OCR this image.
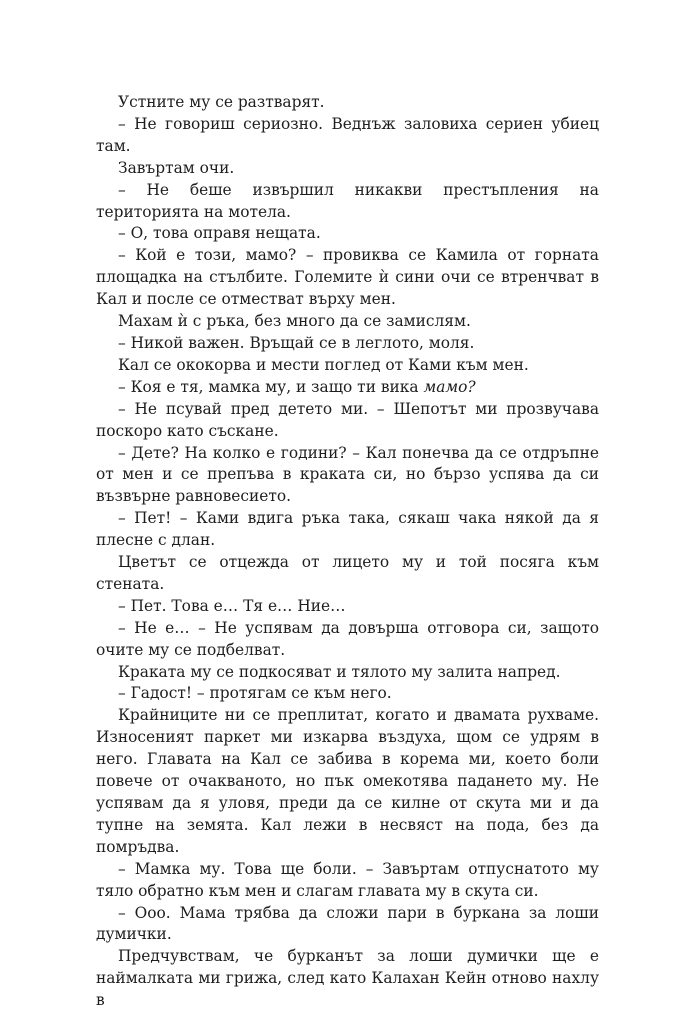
Устните му се разтварят.

– Не говориш сериозно. Веднъж заловиха сериен убиец там.

Завъртам очи.

– Не беше извършил никакви престъпления на територията на мотела.

– О, това оправя нещата.

– Кой е този, мамо? – провиква се Камила от горната площадка на стълбите. Големите ѝ сини очи се втренчват в Кал и после се отместват върху мен.

Махам ѝ с ръка, без много да се замислям.

– Никой важен. Връщай се в леглото, моля.

Кал се ококорва и мести поглед от Ками към мен.

– Коя е тя, мамка му, и защо ти вика мамо?

– Не псувай пред детето ми. – Шепотът ми прозвучава поскоро като съскане.

– Дете? На колко е години? – Кал понечва да се отдръпне от мен и се препъва в краката си, но бързо успява да си възвърне равновесието.

– Пет! – Ками вдига ръка така, сякаш чака някой да я плесне с длан.

Цветът се отцежда от лицето му и той посяга към стената.

– Пет. Това е… Тя е… Ние…

– Не е… – Не успявам да довърша отговора си, защото очите му се подбелват.

Краката му се подкосяват и тялото му залита напред.

– Гадост! – протягам се към него.

Крайниците ни се преплитат, когато и двамата рухваме. Износеният паркет ми изкарва въздуха, щом се удрям в него. Главата на Кал се забива в корема ми, което боли повече от очакваното, но пък омекотява падането му. Не успявам да я уловя, преди да се килне от скута ми и да тупне на земята. Кал лежи в несвяст на пода, без да помръдва.

– Мамка му. Това ще боли. – Завъртам отпуснатото му тяло обратно към мен и слагам главата му в скута си.

– Ооо. Мама трябва да сложи пари в буркана за лоши думички.

Предчувствам, че бурканът за лоши думички ще е наймалката ми грижа, след като Калахан Кейн отново нахлу в
